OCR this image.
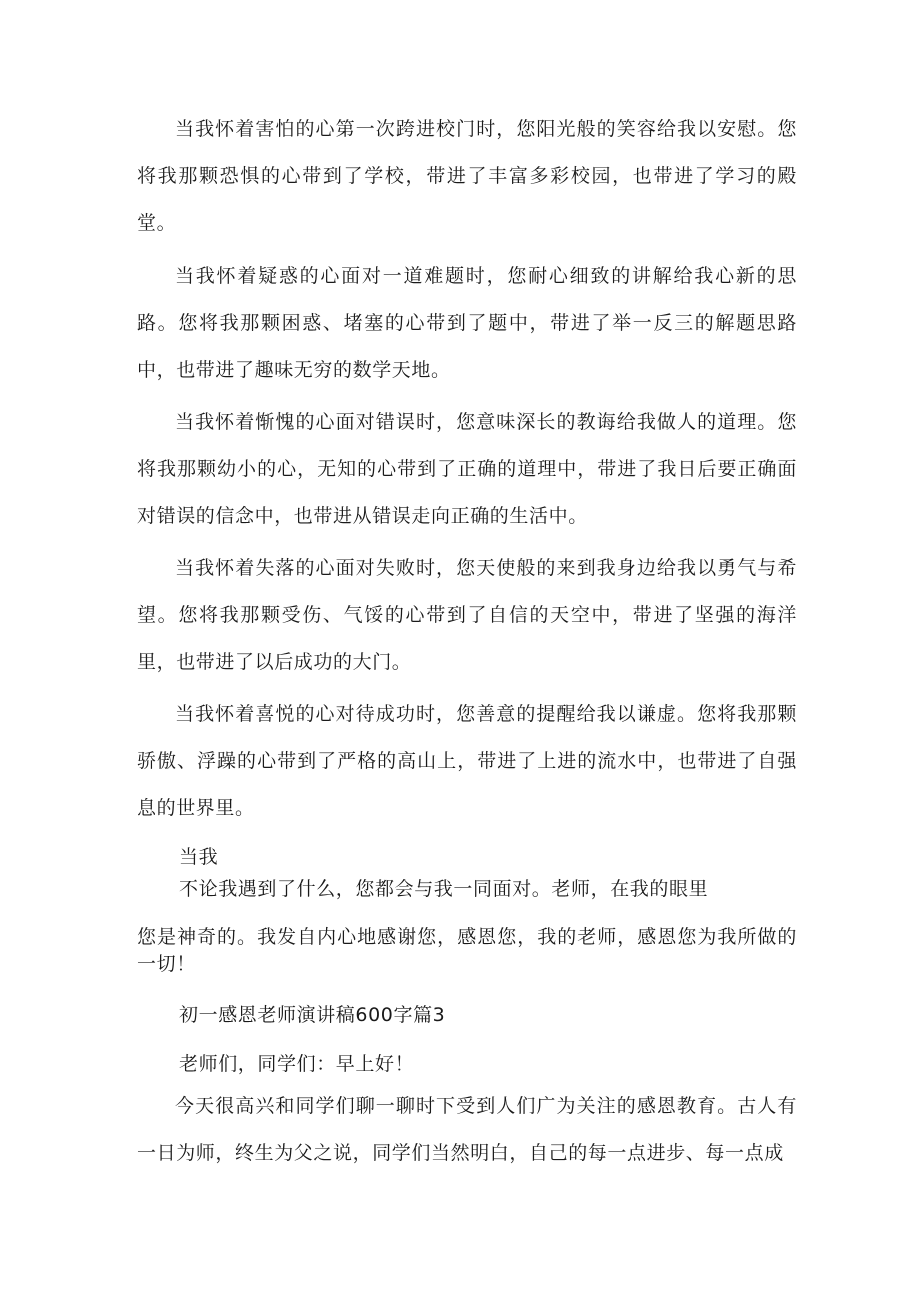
当我怀着害怕的心第一次跨进校门时，您阳光般的笑容给我以安慰。您将我那颗恐惧的心带到了学校，带进了丰富多彩校园，也带进了学习的殿堂。

当我怀着疑惑的心面对一道难题时，您耐心细致的讲解给我心新的思路。您将我那颗困惑、堵塞的心带到了题中，带进了举一反三的解题思路中，也带进了趣味无穷的数学天地。

当我怀着惭愧的心面对错误时，您意味深长的教诲给我做人的道理。您将我那颗幼小的心，无知的心带到了正确的道理中，带进了我日后要正确面对错误的信念中，也带进从错误走向正确的生活中。

当我怀着失落的心面对失败时，您天使般的来到我身边给我以勇气与希望。您将我那颗受伤、气馁的心带到了自信的天空中，带进了坚强的海洋里，也带进了以后成功的大门。

当我怀着喜悦的心对待成功时，您善意的提醒给我以谦虚。您将我那颗骄傲、浮躁的心带到了严格的高山上，带进了上进的流水中，也带进了自强息的世界里。

当我

不论我遇到了什么，您都会与我一同面对。老师，在我的眼里

您是神奇的。我发自内心地感谢您，感恩您，我的老师，感恩您为我所做的一切！

初一感恩老师演讲稿600字篇3

老师们，同学们：早上好！

今天很高兴和同学们聊一聊时下受到人们广为关注的感恩教育。古人有一日为师，终生为父之说，同学们当然明白，自己的每一点进步、每一点成
